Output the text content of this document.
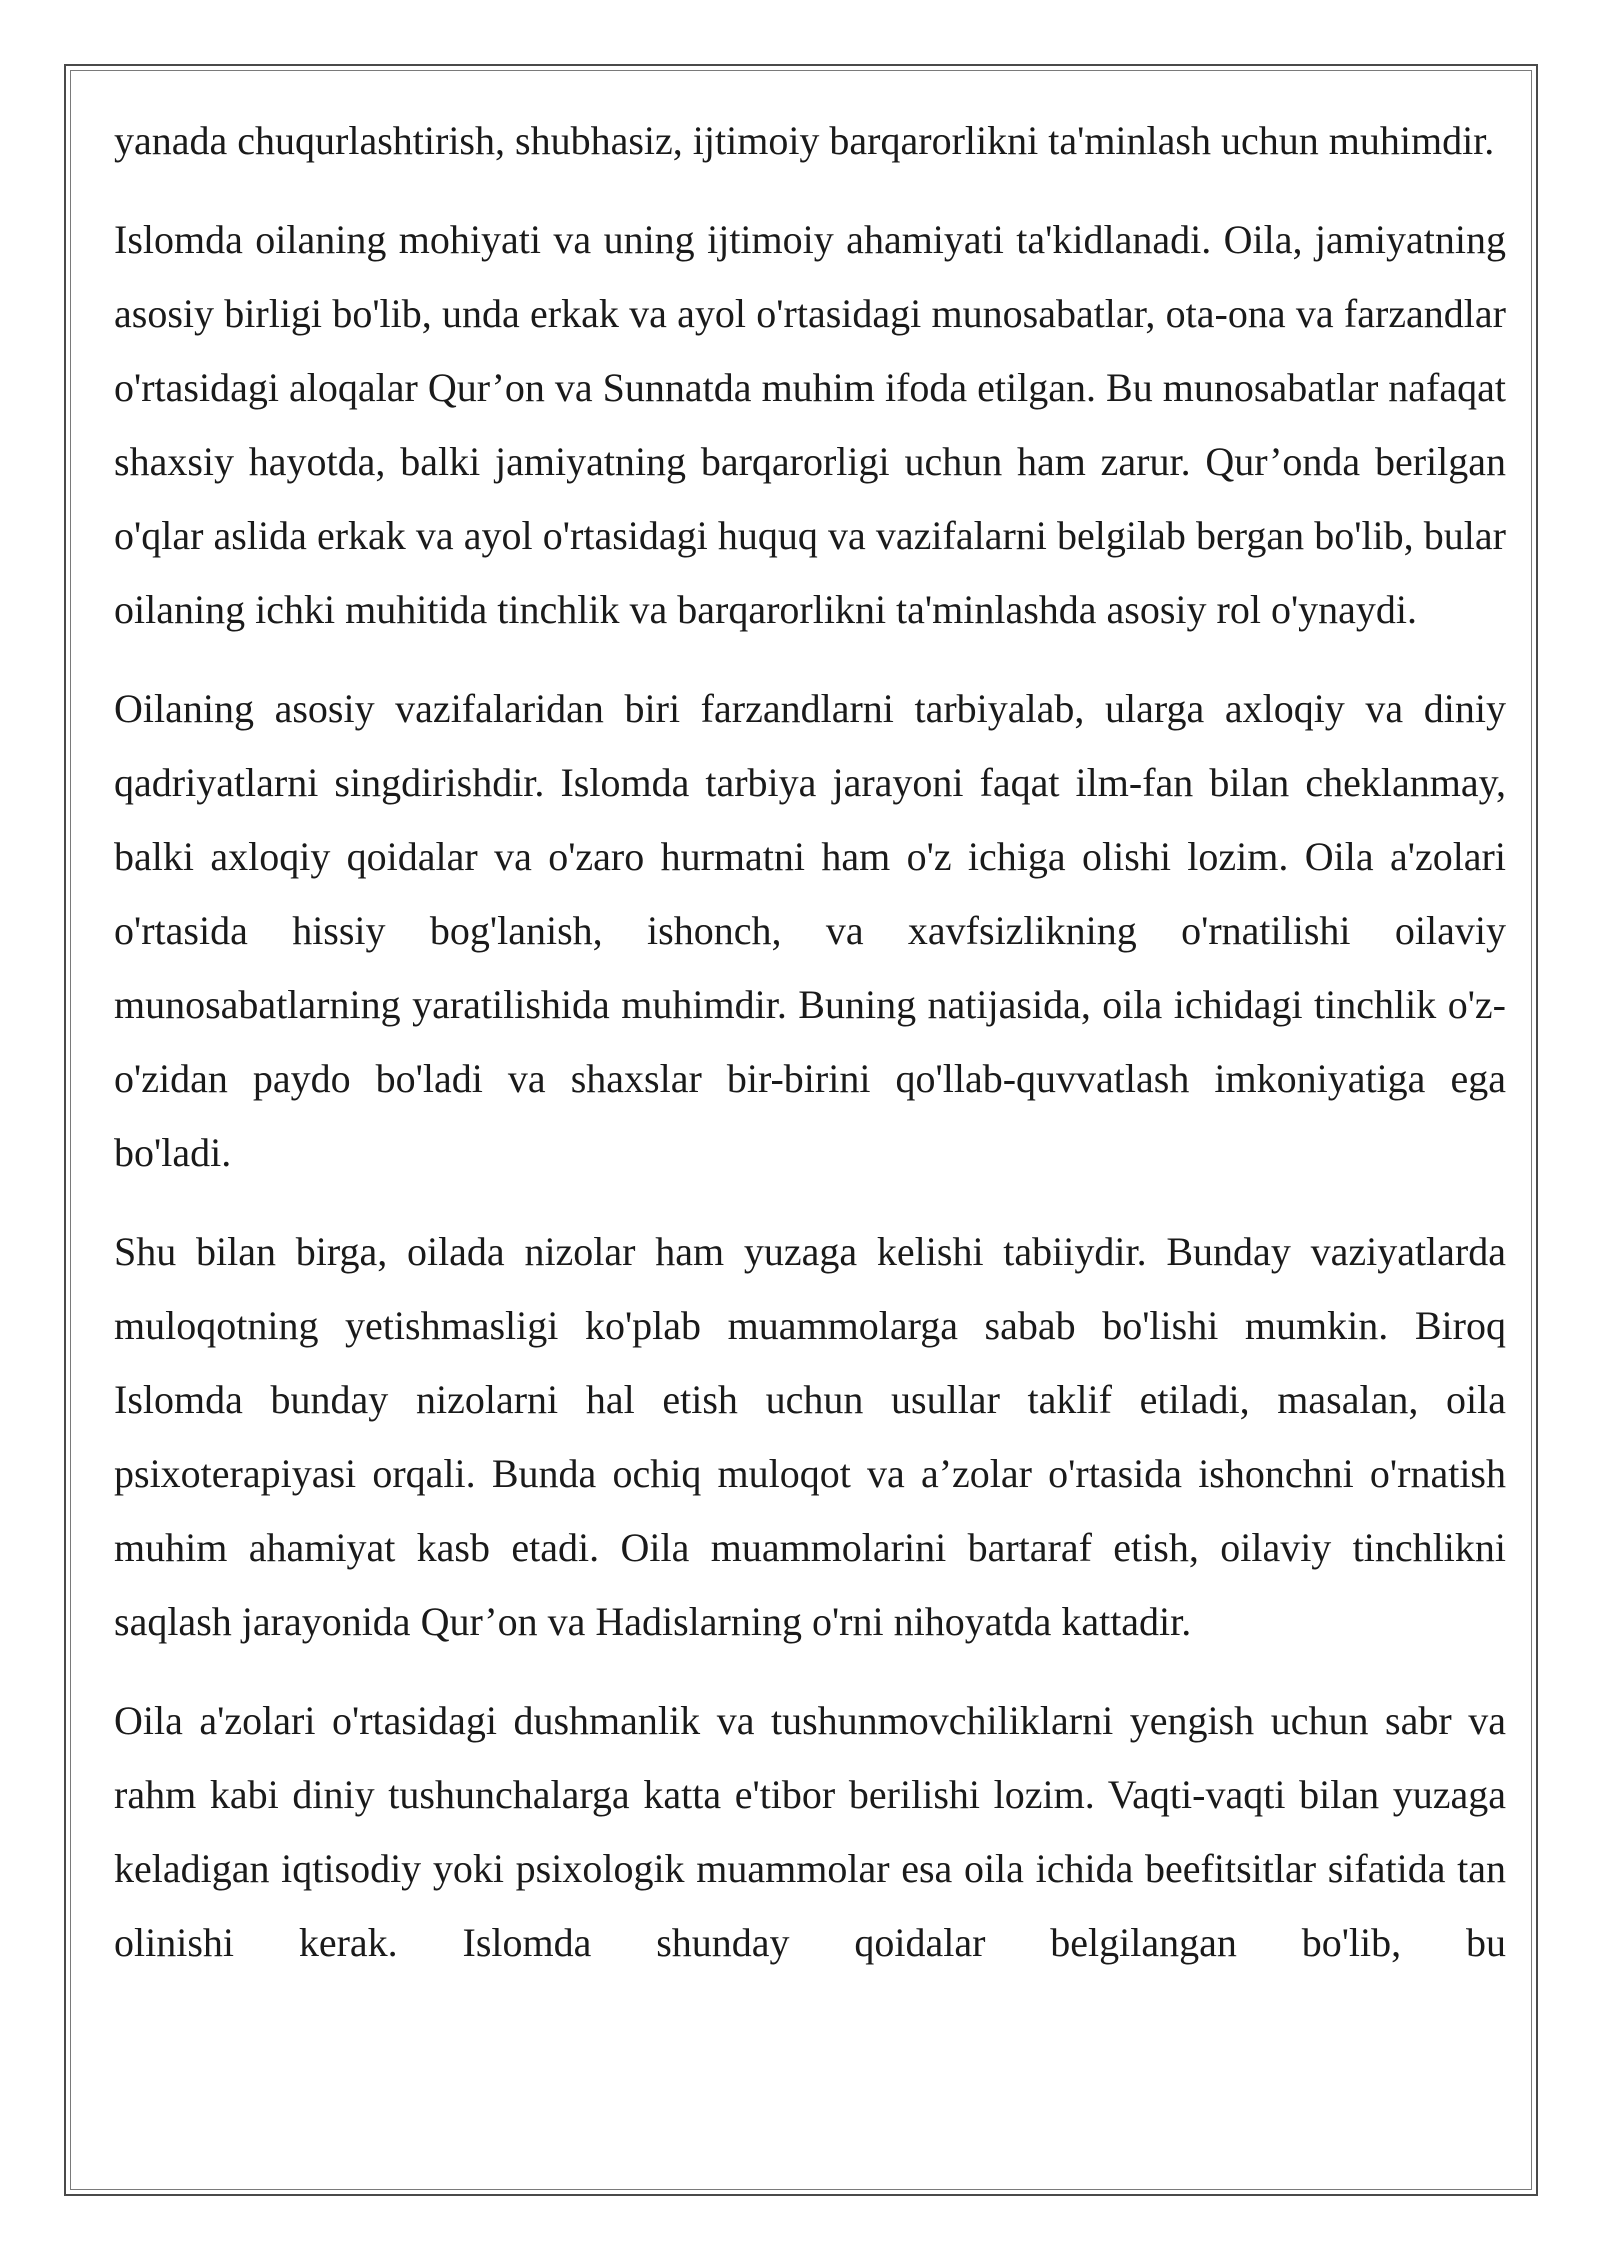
yanada chuqurlashtirish, shubhasiz, ijtimoiy barqarorlikni ta'minlash uchun muhimdir.

Islomda oilaning mohiyati va uning ijtimoiy ahamiyati ta'kidlanadi. Oila, jamiyatning asosiy birligi bo'lib, unda erkak va ayol o'rtasidagi munosabatlar, ota-ona va farzandlar o'rtasidagi aloqalar Qur’on va Sunnatda muhim ifoda etilgan. Bu munosabatlar nafaqat shaxsiy hayotda, balki jamiyatning barqarorligi uchun ham zarur. Qur’onda berilgan o'qlar aslida erkak va ayol o'rtasidagi huquq va vazifalarni belgilab bergan bo'lib, bular oilaning ichki muhitida tinchlik va barqarorlikni ta'minlashda asosiy rol o'ynaydi.

Oilaning asosiy vazifalaridan biri farzandlarni tarbiyalab, ularga axloqiy va diniy qadriyatlarni singdirishdir. Islomda tarbiya jarayoni faqat ilm-fan bilan cheklanmay, balki axloqiy qoidalar va o'zaro hurmatni ham o'z ichiga olishi lozim. Oila a'zolari o'rtasida hissiy bog'lanish, ishonch, va xavfsizlikning o'rnatilishi oilaviy munosabatlarning yaratilishida muhimdir. Buning natijasida, oila ichidagi tinchlik o'z-o'zidan paydo bo'ladi va shaxslar bir-birini qo'llab-quvvatlash imkoniyatiga ega bo'ladi.

Shu bilan birga, oilada nizolar ham yuzaga kelishi tabiiydir. Bunday vaziyatlarda muloqotning yetishmasligi ko'plab muammolarga sabab bo'lishi mumkin. Biroq Islomda bunday nizolarni hal etish uchun usullar taklif etiladi, masalan, oila psixoterapiyasi orqali. Bunda ochiq muloqot va a’zolar o'rtasida ishonchni o'rnatish muhim ahamiyat kasb etadi. Oila muammolarini bartaraf etish, oilaviy tinchlikni saqlash jarayonida Qur’on va Hadislarning o'rni nihoyatda kattadir.

Oila a'zolari o'rtasidagi dushmanlik va tushunmovchiliklarni yengish uchun sabr va rahm kabi diniy tushunchalarga katta e'tibor berilishi lozim. Vaqti-vaqti bilan yuzaga keladigan iqtisodiy yoki psixologik muammolar esa oila ichida beefitsitlar sifatida tan olinishi kerak. Islomda shunday qoidalar belgilangan bo'lib, bu
